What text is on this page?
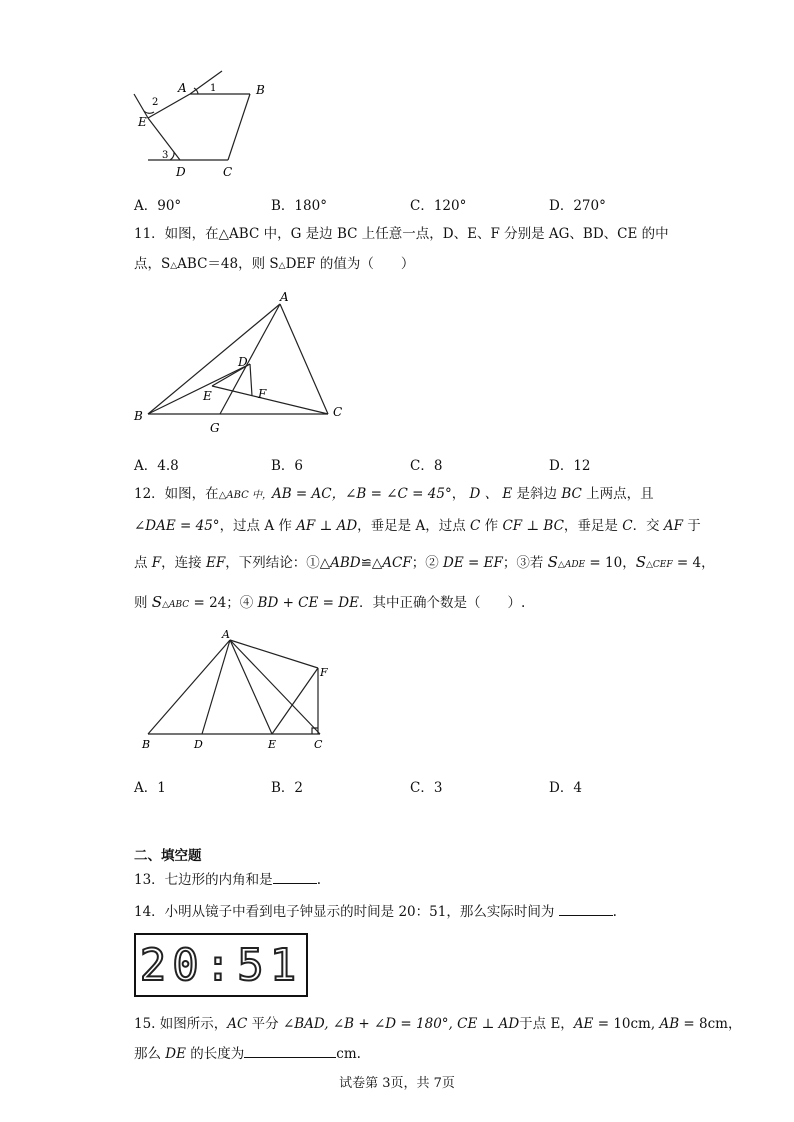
A	B
C
D
E
1
2
3
A．90°	B．180°	C．120°	D．270°
11．如图，在△ABC 中，G 是边 BC 上任意一点，D、E、F 分别是 AG、BD、CE 的中
点，S△ABC＝48，则 S△DEF 的值为（　　）
A
B	C
D
E	F
G
A．4.8	B．6	C．8	D．12
12．如图，在△ABC 中，AB = AC，∠B = ∠C = 45°， D 、 E 是斜边 BC 上两点，且
∠DAE = 45°，过点 A 作 AF ⊥ AD，垂足是 A，过点 C 作 CF ⊥ BC，垂足是 C．交 AF 于
点 F，连接 EF，下列结论：①△ABD≌△ACF；② DE = EF；③若 S△ADE = 10，S△CEF = 4，
则 S△ABC = 24；④ BD + CE = DE．其中正确个数是（　　）.
A
B	C
D	E
F
A．1	B．2	C．3	D．4
二、填空题
13．七边形的内角和是	.
14．小明从镜子中看到电子钟显示的时间是 20：51，那么实际时间为	.
20:51
15. 如图所示，AC 平分 ∠BAD, ∠B + ∠D = 180°, CE ⊥ AD于点 E，AE = 10cm, AB = 8cm，
那么 DE 的长度为	cm.
试卷第 3页，共 7页
